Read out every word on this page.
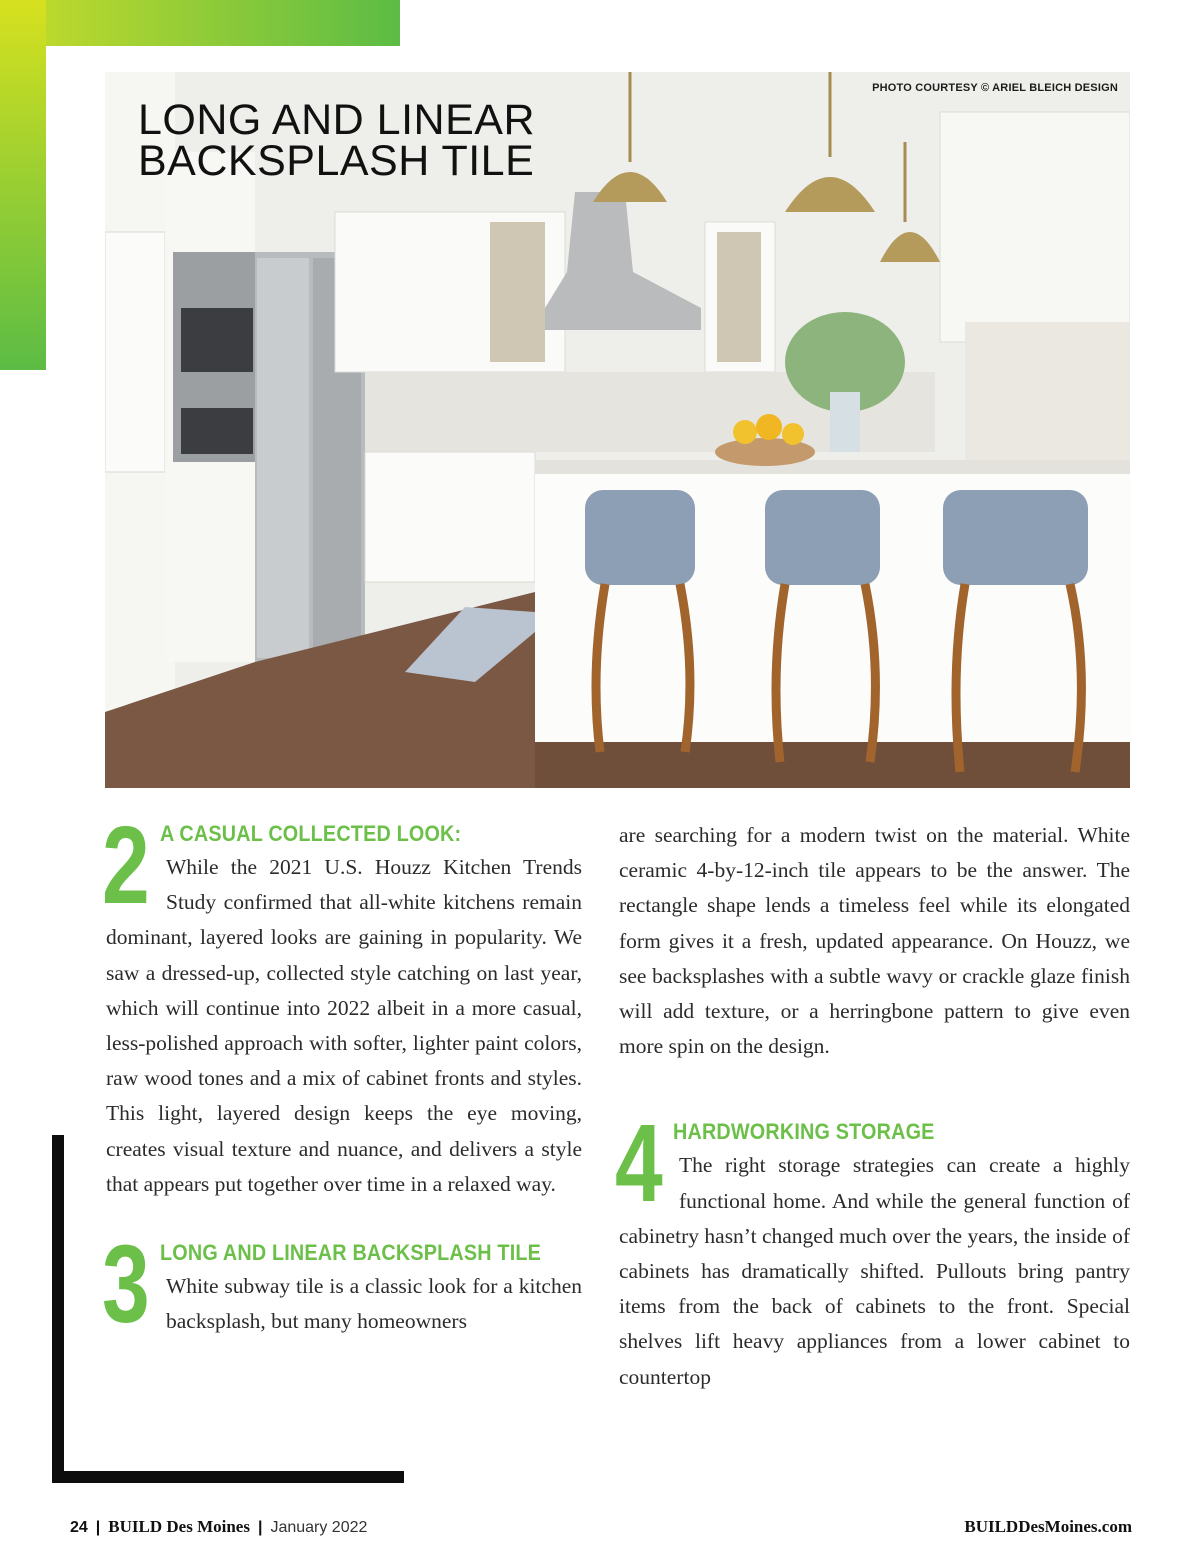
PHOTO COURTESY © ARIEL BLEICH DESIGN
LONG AND LINEAR
BACKSPLASH TILE
2 A CASUAL COLLECTED LOOK:

While the 2021 U.S. Houzz Kitchen Trends Study confirmed that all-white kitchens remain dominant, layered looks are gaining in popularity. We saw a dressed-up, collected style catching on last year, which will continue into 2022 albeit in a more casual, less-polished approach with softer, lighter paint colors, raw wood tones and a mix of cabinet fronts and styles. This light, layered design keeps the eye moving, creates visual texture and nuance, and delivers a style that appears put together over time in a relaxed way.

3 LONG AND LINEAR BACKSPLASH TILE

White subway tile is a classic look for a kitchen backsplash, but many homeowners

are searching for a modern twist on the material. White ceramic 4-by-12-inch tile appears to be the answer. The rectangle shape lends a timeless feel while its elongated form gives it a fresh, updated appearance. On Houzz, we see backsplashes with a subtle wavy or crackle glaze finish will add texture, or a herringbone pattern to give even more spin on the design.

4 HARDWORKING STORAGE

The right storage strategies can create a highly functional home. And while the general function of cabinetry hasn’t changed much over the years, the inside of cabinets has dramatically shifted. Pullouts bring pantry items from the back of cabinets to the front. Special shelves lift heavy appliances from a lower cabinet to countertop

24 | BUILD Des Moines | January 2022	BUILDDesMoines.com
